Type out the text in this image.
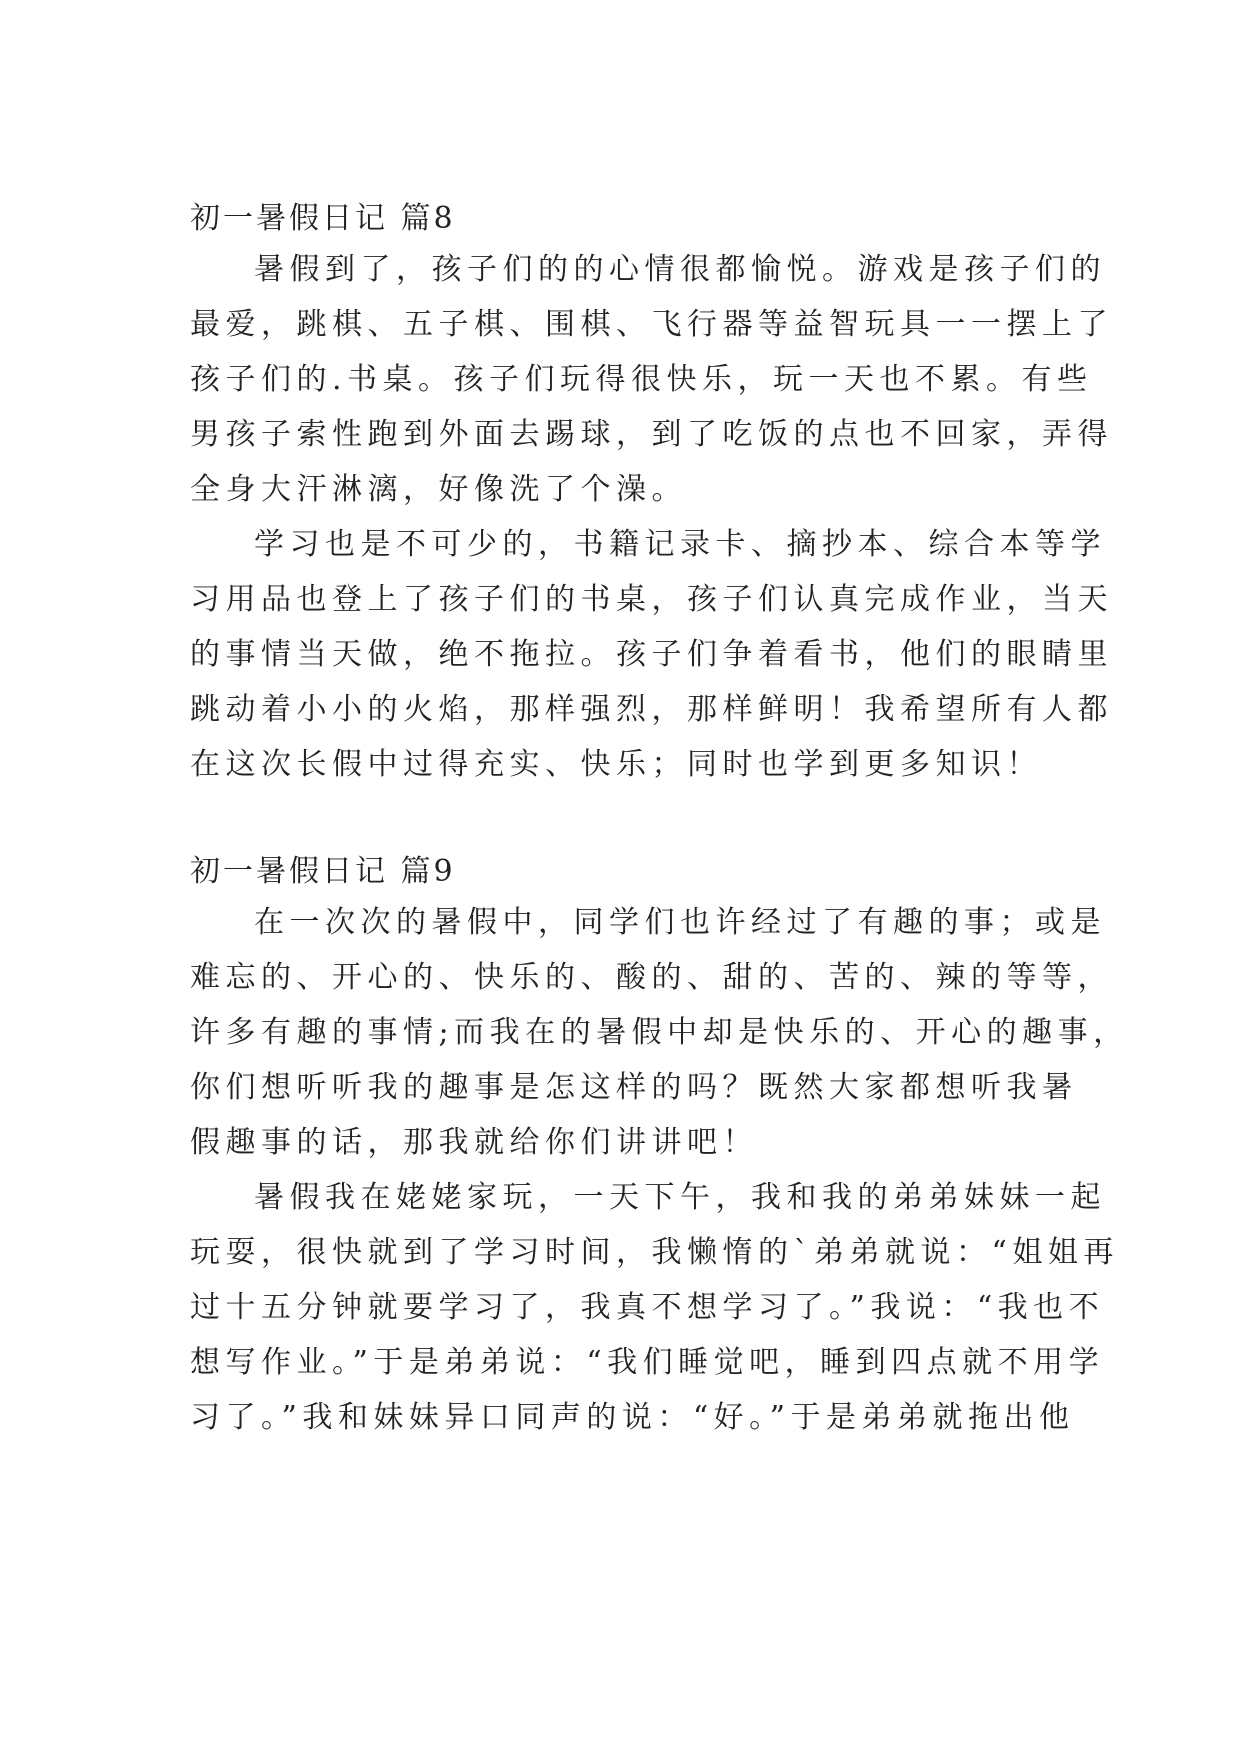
初一暑假日记 篇8
暑假到了，孩子们的的心情很都愉悦。游戏是孩子们的
最爱，跳棋、五子棋、围棋、飞行器等益智玩具一一摆上了
孩子们的.书桌。孩子们玩得很快乐，玩一天也不累。有些
男孩子索性跑到外面去踢球，到了吃饭的点也不回家，弄得
全身大汗淋漓，好像洗了个澡。
学习也是不可少的，书籍记录卡、摘抄本、综合本等学
习用品也登上了孩子们的书桌，孩子们认真完成作业，当天
的事情当天做，绝不拖拉。孩子们争着看书，他们的眼睛里
跳动着小小的火焰，那样强烈，那样鲜明！我希望所有人都
在这次长假中过得充实、快乐；同时也学到更多知识！
初一暑假日记 篇9
在一次次的暑假中，同学们也许经过了有趣的事；或是
难忘的、开心的、快乐的、酸的、甜的、苦的、辣的等等，
许多有趣的事情;而我在的暑假中却是快乐的、开心的趣事，
你们想听听我的趣事是怎这样的吗？既然大家都想听我暑
假趣事的话，那我就给你们讲讲吧！
暑假我在姥姥家玩，一天下午，我和我的弟弟妹妹一起
玩耍，很快就到了学习时间，我懒惰的`弟弟就说：“姐姐再
过十五分钟就要学习了，我真不想学习了。”我说：“我也不
想写作业。”于是弟弟说：“我们睡觉吧，睡到四点就不用学
习了。”我和妹妹异口同声的说：“好。”于是弟弟就拖出他
